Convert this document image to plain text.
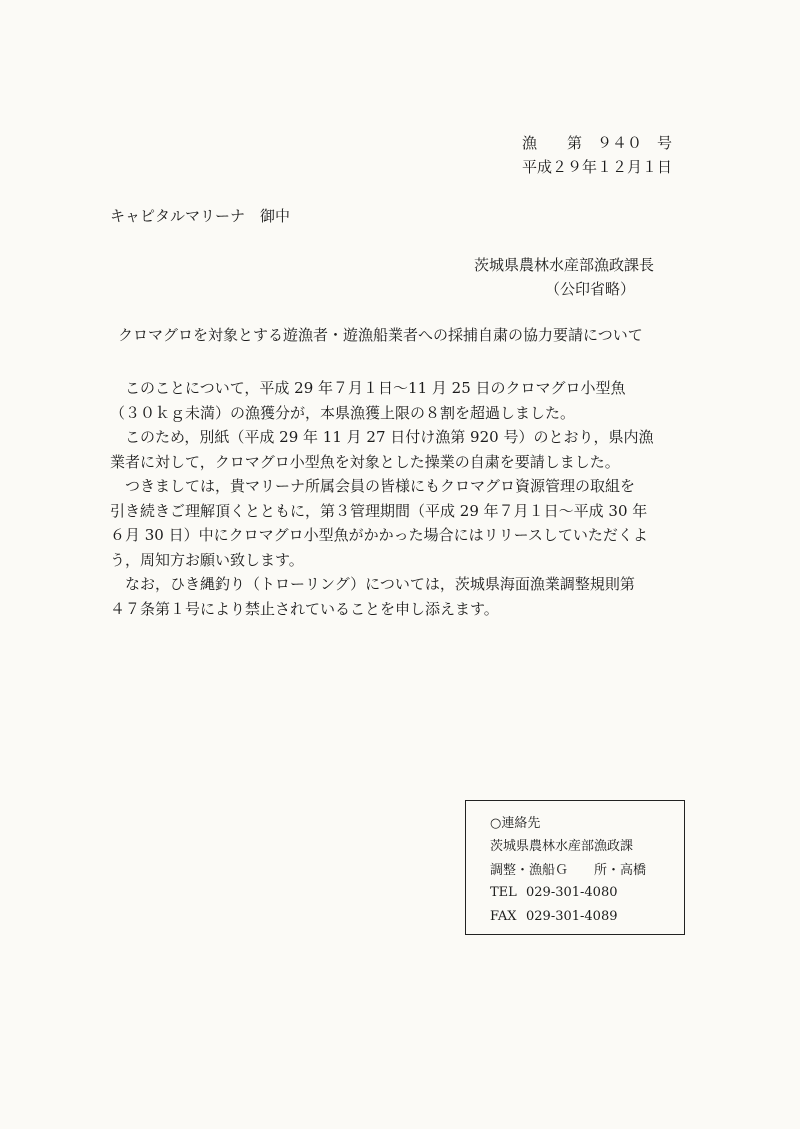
漁　　第　９４０　号
平成２９年１２月１日
キャピタルマリーナ　御中
茨城県農林水産部漁政課長
（公印省略）
クロマグロを対象とする遊漁者・遊漁船業者への採捕自粛の協力要請について
　このことについて，平成 29 年７月１日～11 月 25 日のクロマグロ小型魚
（３０ｋｇ未満）の漁獲分が，本県漁獲上限の８割を超過しました。
　このため，別紙（平成 29 年 11 月 27 日付け漁第 920 号）のとおり，県内漁
業者に対して，クロマグロ小型魚を対象とした操業の自粛を要請しました。
　つきましては，貴マリーナ所属会員の皆様にもクロマグロ資源管理の取組を
引き続きご理解頂くとともに，第３管理期間（平成 29 年７月１日～平成 30 年
６月 30 日）中にクロマグロ小型魚がかかった場合にはリリースしていただくよ
う，周知方お願い致します。
　なお，ひき縄釣り（トローリング）については，茨城県海面漁業調整規則第
４７条第１号により禁止されていることを申し添えます。
○連絡先
茨城県農林水産部漁政課
調整・漁船Ｇ　　所・高橋
TEL 029-301-4080
FAX 029-301-4089
